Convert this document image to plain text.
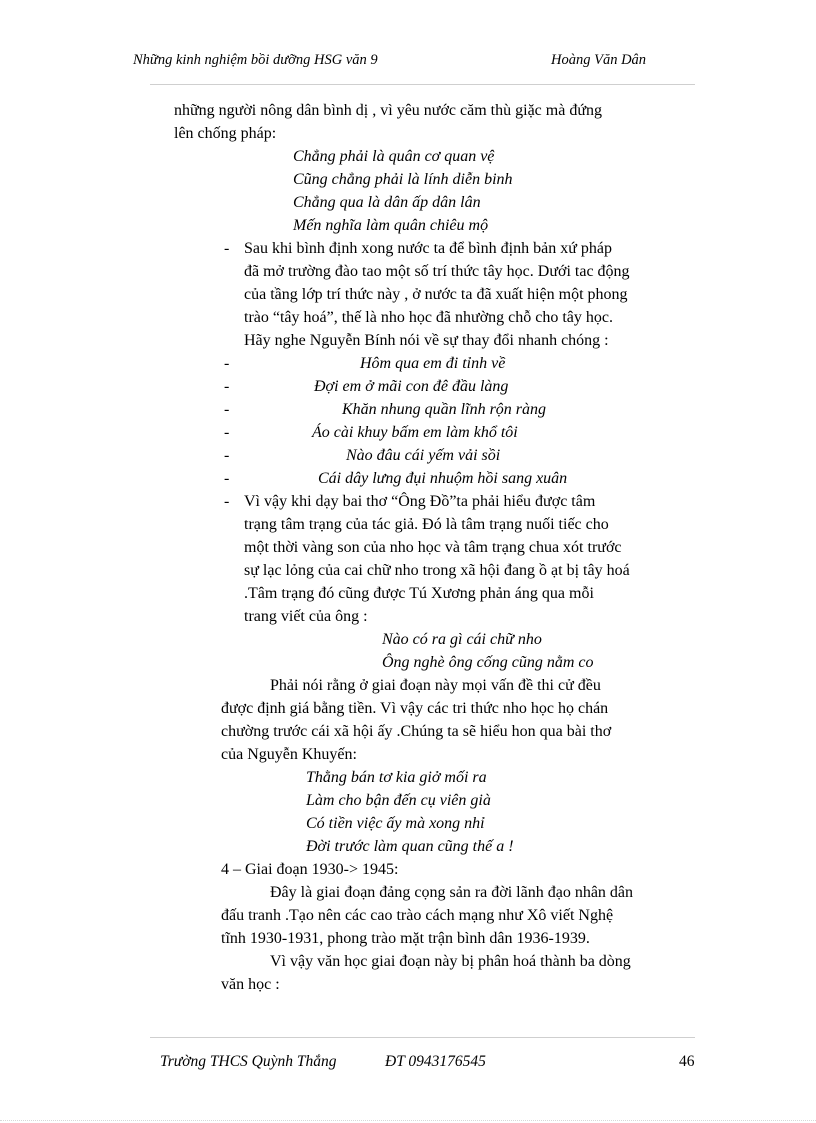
Những kinh nghiệm bồi dưỡng HSG văn 9	Hoàng Văn Dân
những người nông dân bình dị , vì yêu nước căm thù giặc mà đứng
lên chống pháp:
Chẳng phải là quân cơ quan vệ
Cũng chẳng phải là lính diễn binh
Chẳng qua là dân ấp dân lân
Mến nghĩa làm quân chiêu mộ
- Sau khi bình định xong nước ta để bình định bản xứ pháp
đã mở trường đào tao một số trí thức tây học. Dưới tac động
của tầng lớp trí thức này , ở nước ta đã xuất hiện một phong
trào “tây hoá”, thế là nho học đã nhường chỗ cho tây học.
Hãy nghe Nguyễn Bính nói về sự thay đổi nhanh chóng :
-	Hôm qua em đi tỉnh về
-	Đợi em ở mãi con đê đầu làng
-	Khăn nhung quần lĩnh rộn ràng
-	Áo cài khuy bấm em làm khổ tôi
-	Nào đâu cái yếm vải sồi
-	Cái dây lưng đụi nhuộm hồi sang xuân
- Vì vậy khi dạy bai thơ “Ông Đồ”ta phải hiểu được tâm
trạng tâm trạng của tác giả. Đó là tâm trạng nuối tiếc cho
một thời vàng son của nho học và tâm trạng chua xót trước
sự lạc lỏng của cai chữ nho trong xã hội đang ồ ạt bị tây hoá
.Tâm trạng đó cũng được Tú Xương phản áng qua mỗi
trang viết của ông :
Nào có ra gì cái chữ nho
Ông nghè ông cống cũng nằm co
Phải nói rằng ở giai đoạn này mọi vấn đề thi cử đều
được định giá bằng tiền. Vì vậy các tri thức nho học họ chán
chường trước cái xã hội ấy .Chúng ta sẽ hiểu hon qua bài thơ
của Nguyễn Khuyến:
Thằng bán tơ kia giở mối ra
Làm cho bận đến cụ viên già
Có tiền việc ấy mà xong nhỉ
Đời trước làm quan cũng thế a !
4 – Giai đoạn 1930-> 1945:
Đây là giai đoạn đảng cọng sản ra đời lãnh đạo nhân dân
đấu tranh .Tạo nên các cao trào cách mạng như Xô viết Nghệ
tĩnh 1930-1931, phong trào mặt trận bình dân 1936-1939.
Vì vậy văn học giai đoạn này bị phân hoá thành ba dòng
văn học :
Trường THCS Quỳnh Thắng	ĐT 0943176545	46
